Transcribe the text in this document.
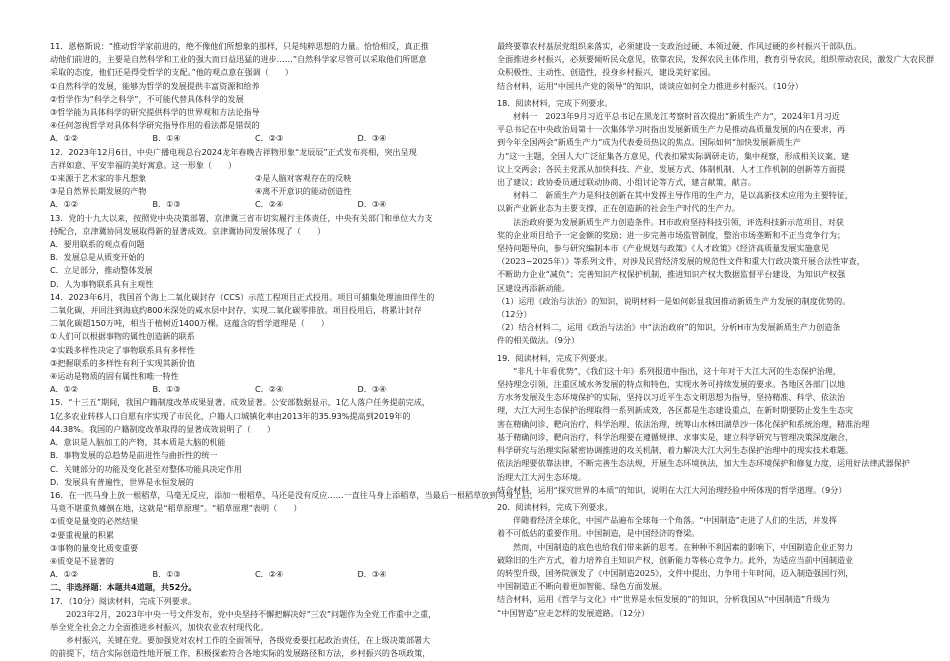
11．恩格斯说：“推动哲学家前进的，绝不像他们所想象的那样，只是纯粹思想的力量。恰恰相反，真正推
动他们前进的，主要是自然科学和工业的强大而日益迅猛的进步……”自然科学家尽管可以采取他们所愿意
采取的态度，他们还是得受哲学的支配。”他的观点意在强调（　　）
①自然科学的发展，能够为哲学的发展提供丰富资源和给养
②哲学作为“科学之科学”，不可能代替具体科学的发展
③哲学能为具体科学的研究提供科学的世界观和方法论指导
④任何忽视哲学对具体科学研究指导作用的看法都是错误的
A．①②	B．①④	C．②③	D．③④
12．2023年12月6日，中央广播电视总台2024龙年春晚吉祥物形象“龙辰辰”正式发布亮相，突出呈现
吉祥如意、平安幸福的美好寓意。这一形象（　　）
①来源于艺术家的非凡想象	②是人脑对客观存在的反映
③是自然界长期发展的产物	④离不开意识的能动创造性
A．①②	B．①③	C．②④	D．③④
13．党的十九大以来，按照党中央决策部署，京津冀三省市切实履行主体责任，中央有关部门和单位大力支
持配合，京津冀协同发展取得新的显著成效。京津冀协同发展体现了（　　）
A．要用联系的观点看问题
B．发展总是从质变开始的
C．立足部分，推动整体发展
D．人为事物联系具有主观性
14．2023年6月，我国首个海上二氧化碳封存（CCS）示范工程项目正式投用。项目可捕集处理油田伴生的
二氧化碳，并回注到海底约800米深处的咸水层中封存，实现二氧化碳零排放。项目投用后，将累计封存
二氧化碳超150万吨，相当于植树近1400万棵。这蕴含的哲学道理是（　　）
①人们可以根据事物的属性创造新的联系
②实践多样性决定了事物联系具有多样性
③把握联系的多样性有利于实现其新价值
④运动是物质的固有属性和唯一特性
A．①②	B．①③	C．②④	D．③④
15．“十三五”期间，我国户籍制度改革成果显著。成效显著。公安部数据显示，1亿人落户任务提前完成，
1亿多农业转移人口自愿有序实现了市民化，户籍人口城镇化率由2013年的35.93%提高到2019年的
44.38%。我国的户籍制度改革取得的显著成效说明了（　　）
A．意识是人脑加工的产物，其本质是大脑的机能
B．事物发展的总趋势是前进性与曲折性的统一
C．关键部分的功能及变化甚至对整体功能具决定作用
D．发展具有普遍性，世界是永恒发展的
16．在一匹马身上放一根稻草，马毫无反应，添加一根稻草，马还是没有反应……一直往马身上添稻草，当最后一根稻草放到马身上后，
马竟不堪重负瘫倒在地，这就是“稻草原理”。“稻草原理”表明（　　）
①质变是量变的必然结果
②要重视量的积累
③事物的量变比质变重要
④质变是不显著的
A．①②	B．①③	C．②④	D．③④
二、非选择题：本题共4道题，共52分。
17．（10分）阅读材料，完成下列要求。
2023年2月，2023年中央一号文件发布，党中央坚持不懈把解决好“三农”问题作为全党工作重中之重，
举全党全社会之力全面推进乡村振兴，加快农业农村现代化。
乡村振兴，关键在党。要加强党对农村工作的全面领导，各级党委要扛起政治责任，在上级决策部署大
的前提下，结合实际创造性地开展工作，积极探索符合各地实际的发展路径和方法，乡村振兴的各项政策，
最终要靠农村基层党组织来落实，必须建设一支政治过硬、本领过硬、作风过硬的乡村振兴干部队伍。
全面推进乡村振兴，必须要倾听民众意见，依靠农民，发挥农民主体作用，教育引导农民，组织带动农民，激发广大农民群
众积极性、主动性、创造性，投身乡村振兴，建设美好家园。
结合材料，运用“中国共产党的领导”的知识，谈谈应如何全力推进乡村振兴。（10分）
18．阅读材料，完成下列要求。
材料一　2023年9月习近平总书记在黑龙江考察时首次提出“新质生产力”，2024年1月习近
平总书记在中央政治局第十一次集体学习时指出发展新质生产力是推动高质量发展的内在要求，再
到今年全国两会“新质生产力”成为代表委员热议的焦点。国际如何“加快发展新质生产
力”这一主题，全国人大广泛征集各方意见，代表扣紧实际调研走访，集中视察，形成相关议案、建
议上交两会；各民主党派从加快科技、产业、发展方式、体制机制、人才工作机制的创新等方面提
出了建议；政协委员通过联动协商、小组讨论等方式，建言献策，献言。
材料二　新质生产力是科技创新在其中发挥主导作用的生产力，是以高新技术应用为主要特征，
以新产业新业态为主要支撑，正在创造新的社会生产时代的生产力。
法治政府要为发展新质生产力创造条件。H市政府坚持科技引领，评选科技新示范项目，对获
奖的企业项目给予一定金额的奖励；进一步完善市场监管制度，整治市场垄断和不正当竞争行为；
坚持问题导向，参与研究编制本市《产业规划与政策》《人才政策》《经济高质量发展实施意见
（2023~2025年）》等系列文件，对涉及民营经济发展的规范性文件和重大行政决策开展合法性审查，
不断助力企业“减负”；完善知识产权保护机制，推进知识产权大数据监督平台建设，为知识产权强
区建设再添新动能。
（1）运用《政治与法治》的知识，说明材料一是如何彰显我国推动新质生产力发展的制度优势的。
（12分）
（2）结合材料二，运用《政治与法治》中“法治政府”的知识，分析H市为发展新质生产力创造条
件的相关做法。（9分）
19．阅读材料，完成下列要求。
“非凡十年看优势”，《我们这十年》系列报道中指出，这十年对于大江大河的生态保护治理，
坚持理念引领，注重区域水务发展的特点和特色，实现水务可持续发展的要求。各地区各部门以地
方水务发展及生态环境保护的实际，坚持以习近平生态文明思想为指导，坚持精准、科学、依法治
理，大江大河生态保护治理取得一系列新成效，各区都是生态建设重点，在新时期要防止发生生态灾
害在精确问诊、靶向治疗，科学治理、依法治理，统筹山水林田湖草沙一体化保护和系统治理，精准治理
基于精确问诊，靶向治疗，科学治理要在遵循规律、求事实是，建立科学研究与管理决策深度融合，
科学研究与治理实际紧密协调推进的攻关机制，着力解决大江大河生态保护治理中的现实技术难题。
依法治理要依靠法律，不断完善生态法规，开展生态环境执法，加大生态环境保护和修复力度，运用好法律武器保护
治理大江大河生态环境。
结合材料，运用“探究世界的本质”的知识，说明在大江大河治理经验中所体现的哲学道理。（9分）
20．阅读材料，完成下列要求。
伴随着经济全球化，中国产品遍布全球每一个角落。“中国制造”走进了人们的生活，并发挥
着不可低估的重要作用。中国制造，是中国经济的脊梁。
然而，中国制造的底色也给我们带来新的思考。在种种不利因素的影响下，中国制造企业正努力
破除旧的生产方式，着力培养自主知识产权、创新能力等核心竞争力。此外，为适应当前中国制造业
的转型升级，国务院颁发了《中国制造2025》，文件中提出，力争用十年时间，迈入制造强国行列，
中国制造正不断向着更加智能、绿色方面发展。
结合材料，运用《哲学与文化》中“世界是永恒发展的”的知识，分析我国从“中国制造”升级为
“中国智造”应走怎样的发展道路。（12分）
